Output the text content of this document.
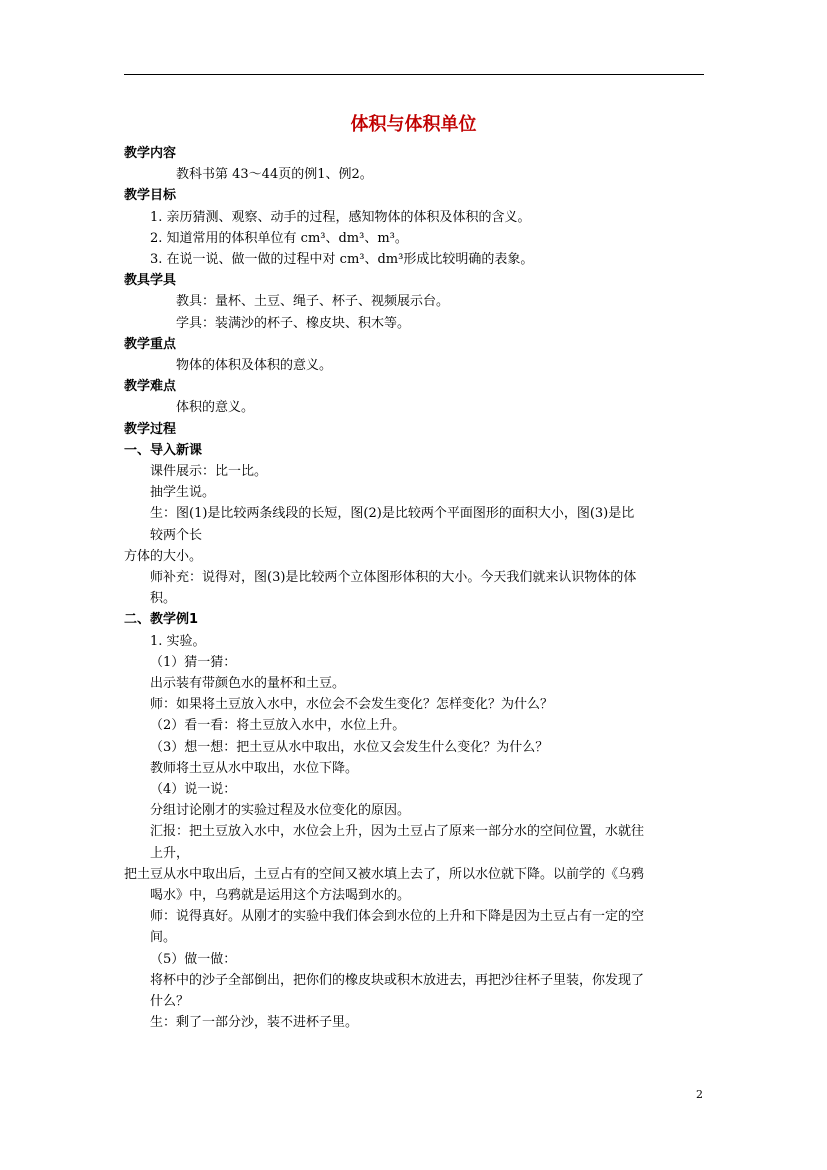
体积与体积单位
教学内容
教科书第 43～44页的例1、例2。
教学目标
1. 亲历猜测、观察、动手的过程，感知物体的体积及体积的含义。
2. 知道常用的体积单位有 cm³、dm³、m³。
3. 在说一说、做一做的过程中对 cm³、dm³形成比较明确的表象。
教具学具
教具：量杯、土豆、绳子、杯子、视频展示台。
学具：装满沙的杯子、橡皮块、积木等。
教学重点
物体的体积及体积的意义。
教学难点
体积的意义。
教学过程
一、导入新课
课件展示：比一比。
抽学生说。
生：图(1)是比较两条线段的长短，图(2)是比较两个平面图形的面积大小，图(3)是比
较两个长
方体的大小。
师补充：说得对，图(3)是比较两个立体图形体积的大小。今天我们就来认识物体的体
积。
二、教学例1
1. 实验。
（1）猜一猜：
出示装有带颜色水的量杯和土豆。
师：如果将土豆放入水中，水位会不会发生变化？怎样变化？为什么？
（2）看一看：将土豆放入水中，水位上升。
（3）想一想：把土豆从水中取出，水位又会发生什么变化？为什么？
教师将土豆从水中取出，水位下降。
（4）说一说：
分组讨论刚才的实验过程及水位变化的原因。
汇报：把土豆放入水中，水位会上升，因为土豆占了原来一部分水的空间位置，水就往
上升，
把土豆从水中取出后，土豆占有的空间又被水填上去了，所以水位就下降。以前学的《乌鸦
喝水》中，乌鸦就是运用这个方法喝到水的。
师：说得真好。从刚才的实验中我们体会到水位的上升和下降是因为土豆占有一定的空
间。
（5）做一做：
将杯中的沙子全部倒出，把你们的橡皮块或积木放进去，再把沙往杯子里装，你发现了
什么？
生：剩了一部分沙，装不进杯子里。
2
